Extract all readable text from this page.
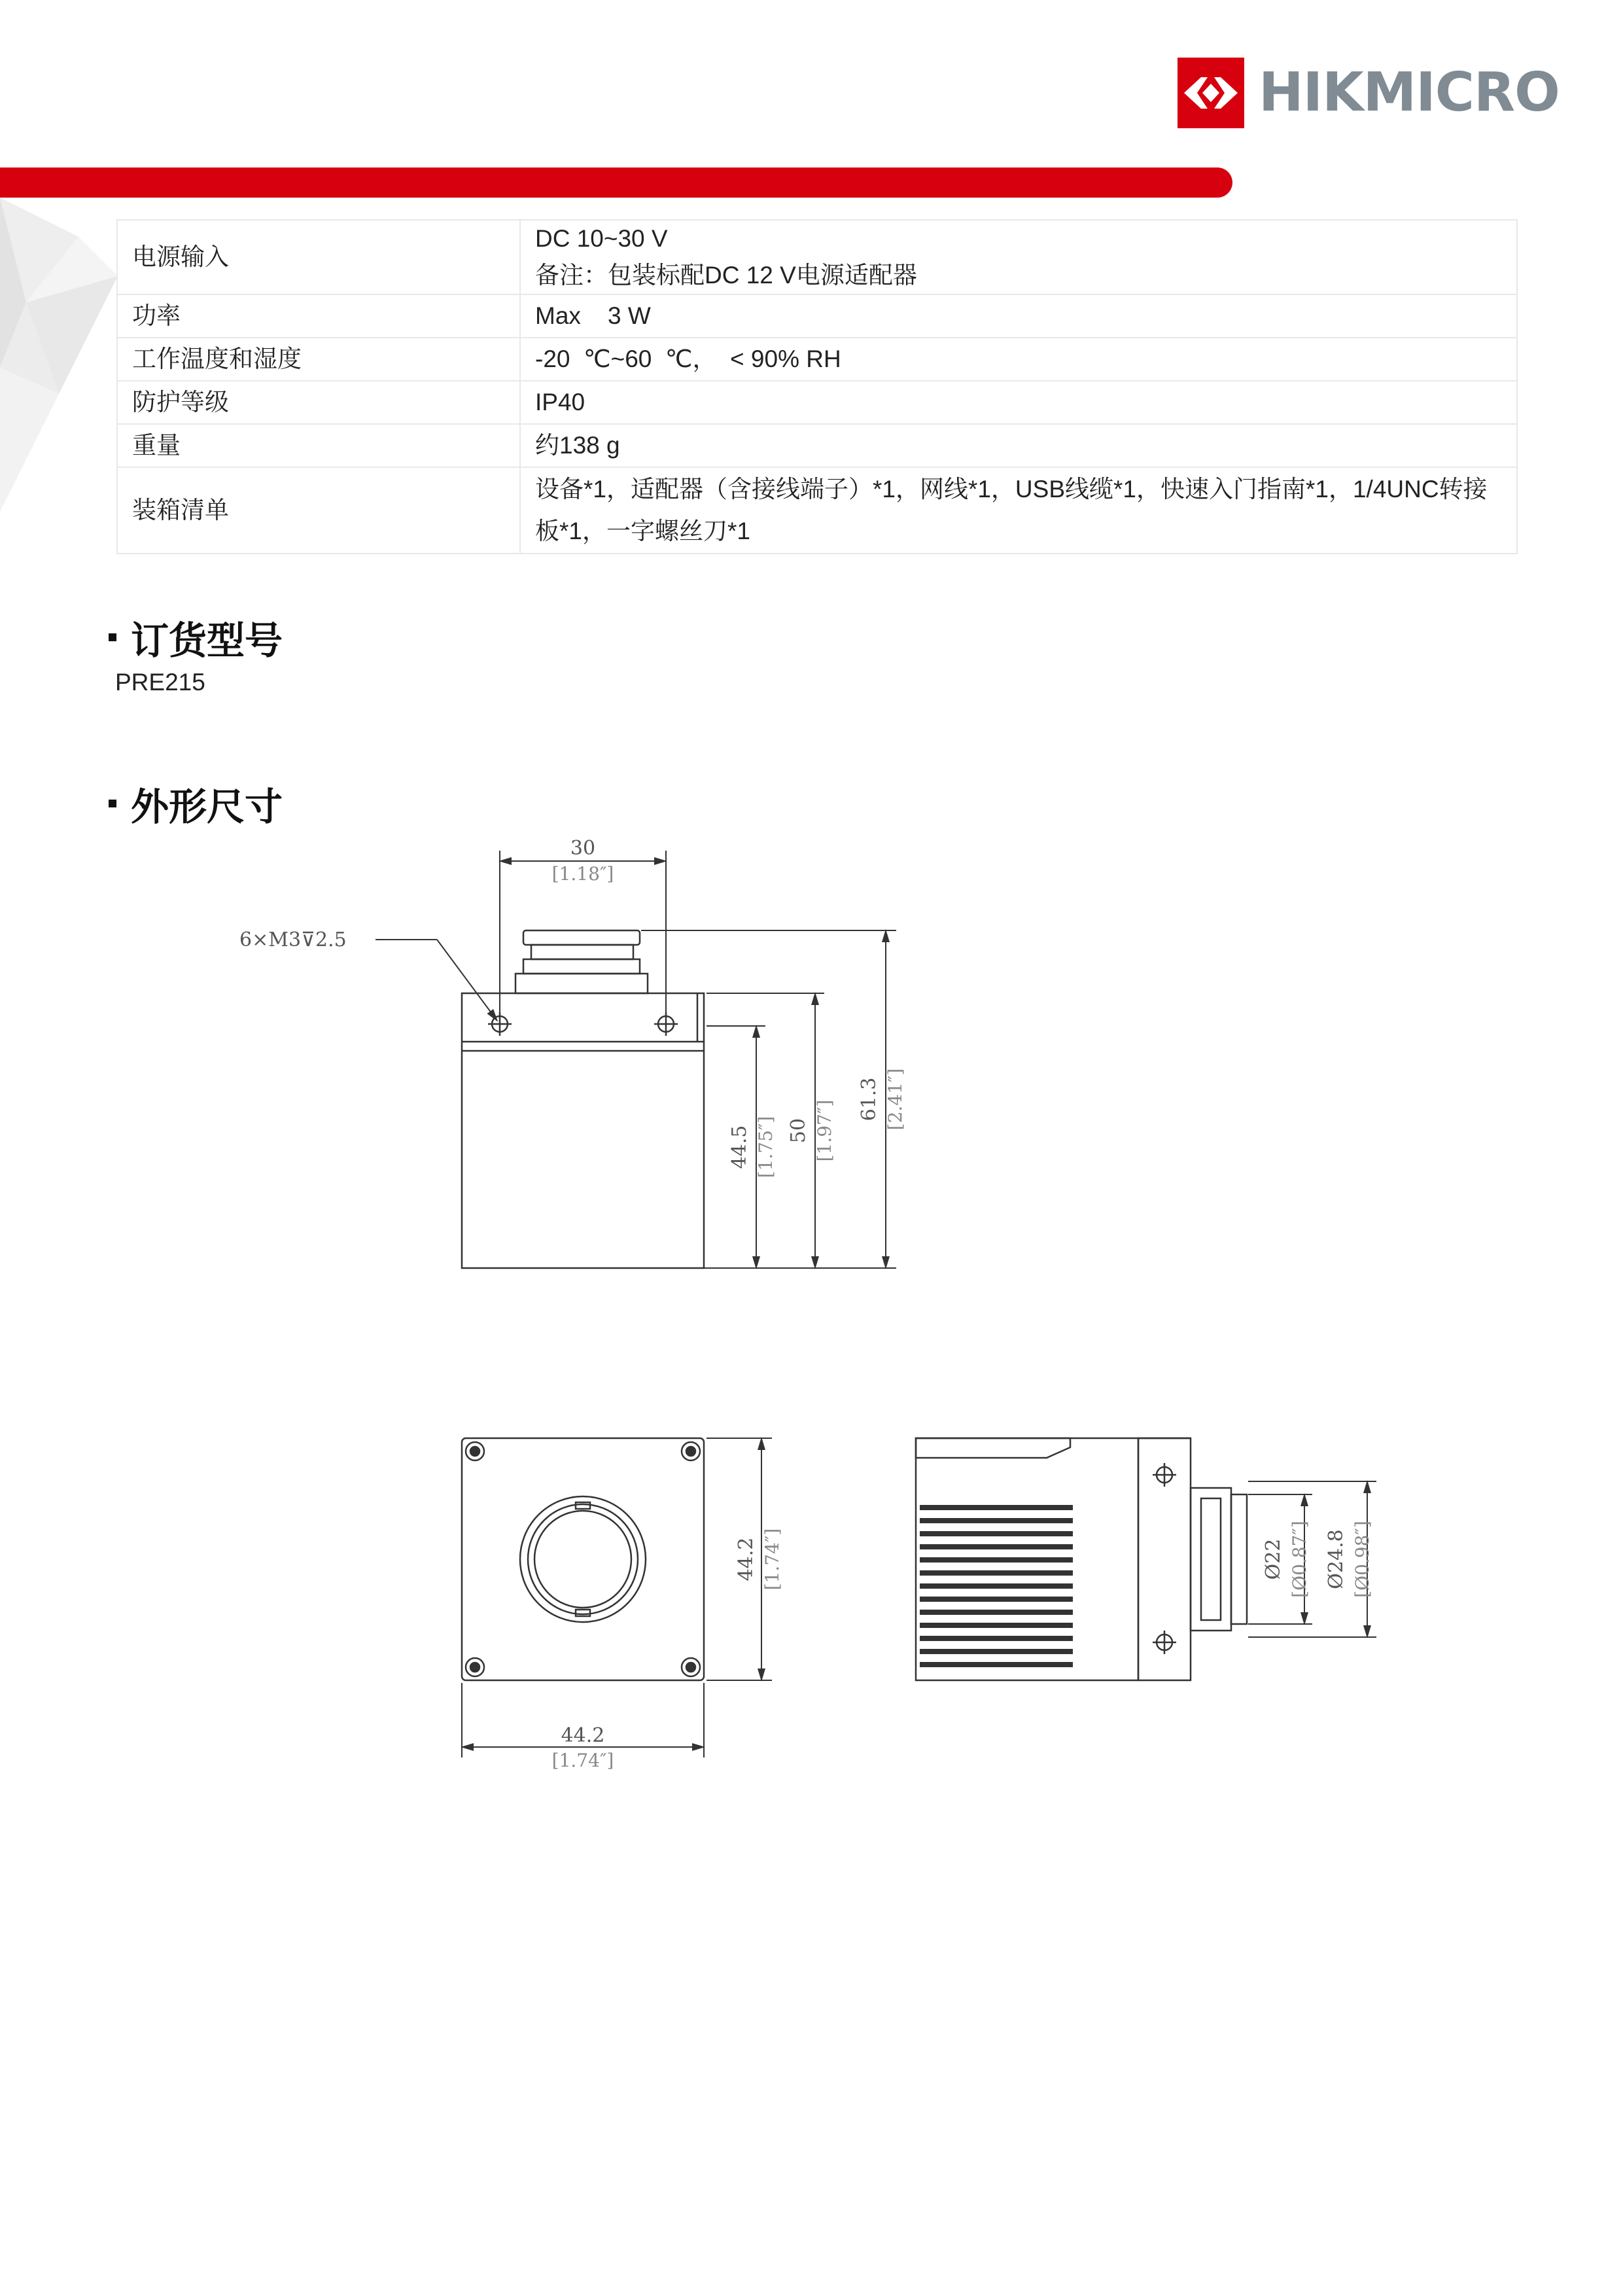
HIKMICRO
电源输入	DC 10~30 V
备注：包装标配DC 12 V电源适配器

功率	Max    3 W
工作温度和湿度	-20  ℃~60  ℃，  < 90% RH
防护等级	IP40
重量	约138 g
装箱清单	设备*1，适配器（含接线端子）*1，网线*1，USB线缆*1，快速入门指南*1，1/4UNC转接
板*1，一字螺丝刀*1
订货型号
PRE215
外形尺寸
30
[1.18″]
6×M3⊽2.5
44.5 [1.75″] 50 [1.97″]
61.3 [2.41″]
44.2 [1.74″]
44.2
[1.74″]
Ø22 [Ø0.87″] Ø24.8 [Ø0.98″]
